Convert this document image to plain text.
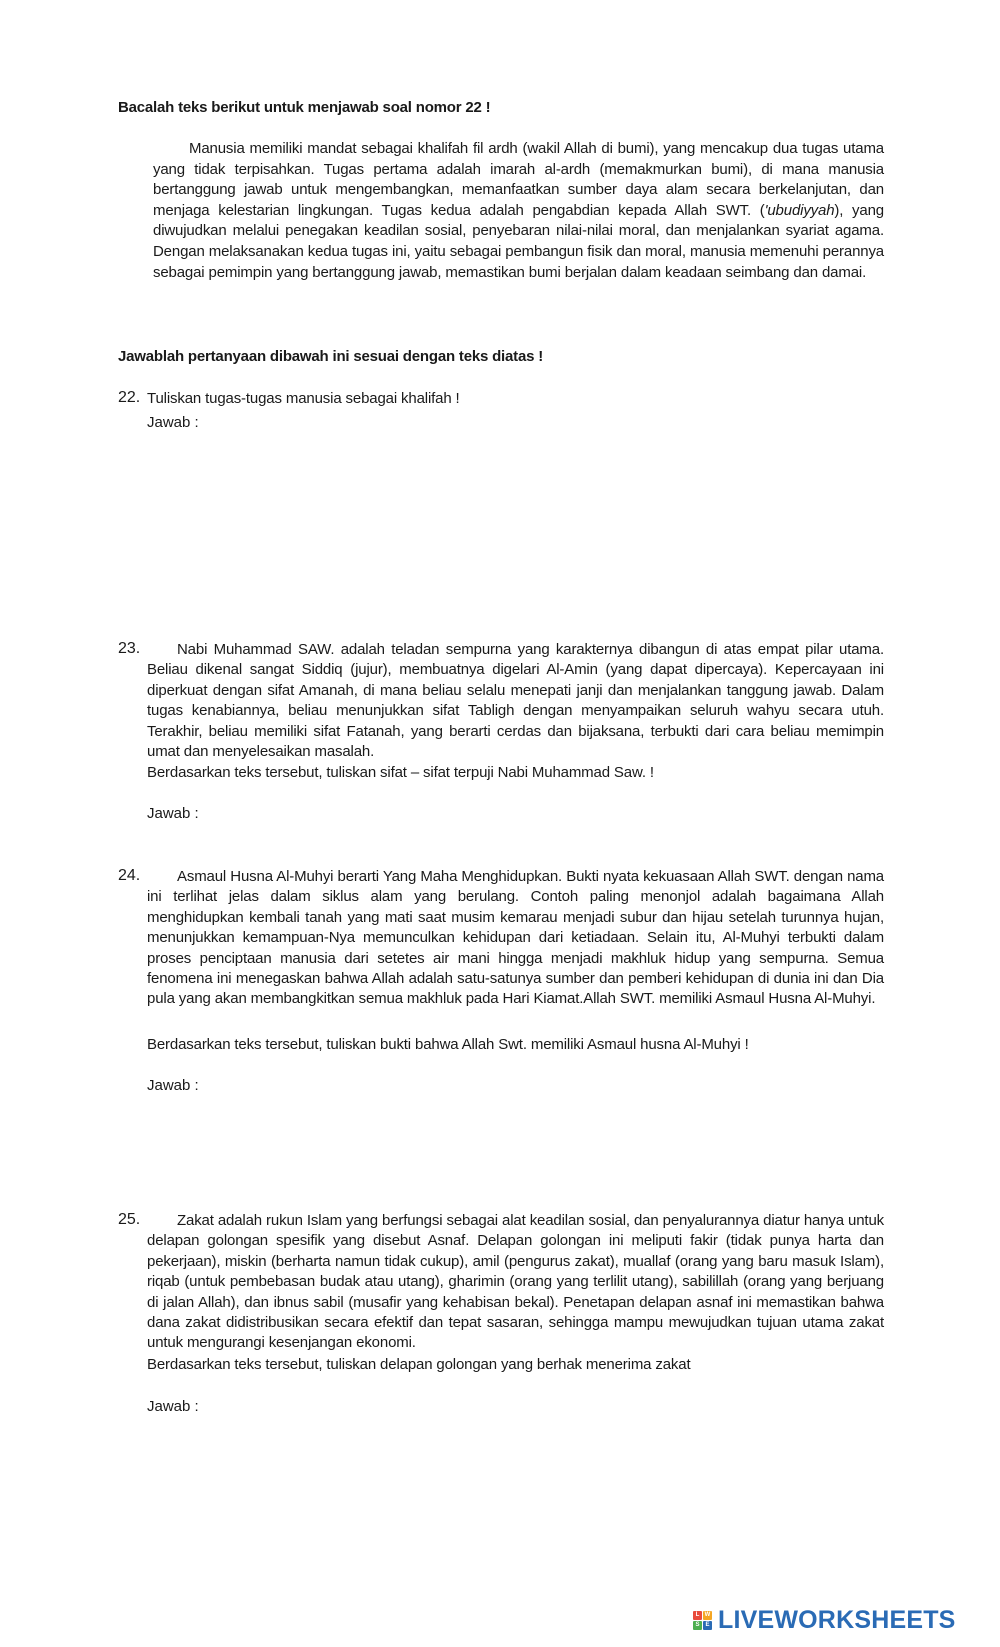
Bacalah teks berikut untuk menjawab soal nomor 22 !
Manusia memiliki mandat sebagai khalifah fil ardh (wakil Allah di bumi), yang mencakup dua tugas utama yang tidak terpisahkan. Tugas pertama adalah imarah al-ardh (memakmurkan bumi), di mana manusia bertanggung jawab untuk mengembangkan, memanfaatkan sumber daya alam secara berkelanjutan, dan menjaga kelestarian lingkungan. Tugas kedua adalah pengabdian kepada Allah SWT. ('ubudiyyah), yang diwujudkan melalui penegakan keadilan sosial, penyebaran nilai-nilai moral, dan menjalankan syariat agama. Dengan melaksanakan kedua tugas ini, yaitu sebagai pembangun fisik dan moral, manusia memenuhi perannya sebagai pemimpin yang bertanggung jawab, memastikan bumi berjalan dalam keadaan seimbang dan damai.
Jawablah pertanyaan dibawah ini sesuai dengan teks diatas !
22. Tuliskan tugas-tugas manusia sebagai khalifah !
Jawab :
23.	Nabi Muhammad SAW. adalah teladan sempurna yang karakternya dibangun di atas empat pilar utama. Beliau dikenal sangat Siddiq (jujur), membuatnya digelari Al-Amin (yang dapat dipercaya). Kepercayaan ini diperkuat dengan sifat Amanah, di mana beliau selalu menepati janji dan menjalankan tanggung jawab. Dalam tugas kenabiannya, beliau menunjukkan sifat Tabligh dengan menyampaikan seluruh wahyu secara utuh. Terakhir, beliau memiliki sifat Fatanah, yang berarti cerdas dan bijaksana, terbukti dari cara beliau memimpin umat dan menyelesaikan masalah.
Berdasarkan teks tersebut, tuliskan sifat – sifat terpuji Nabi Muhammad Saw. !
Jawab :
24.	Asmaul Husna Al-Muhyi berarti Yang Maha Menghidupkan. Bukti nyata kekuasaan Allah SWT. dengan nama ini terlihat jelas dalam siklus alam yang berulang. Contoh paling menonjol adalah bagaimana Allah menghidupkan kembali tanah yang mati saat musim kemarau menjadi subur dan hijau setelah turunnya hujan, menunjukkan kemampuan-Nya memunculkan kehidupan dari ketiadaan. Selain itu, Al-Muhyi terbukti dalam proses penciptaan manusia dari setetes air mani hingga menjadi makhluk hidup yang sempurna. Semua fenomena ini menegaskan bahwa Allah adalah satu-satunya sumber dan pemberi kehidupan di dunia ini dan Dia pula yang akan membangkitkan semua makhluk pada Hari Kiamat.Allah SWT. memiliki Asmaul Husna Al-Muhyi.
Berdasarkan teks tersebut, tuliskan bukti bahwa Allah Swt. memiliki Asmaul husna Al-Muhyi !
Jawab :
25.	Zakat adalah rukun Islam yang berfungsi sebagai alat keadilan sosial, dan penyalurannya diatur hanya untuk delapan golongan spesifik yang disebut Asnaf. Delapan golongan ini meliputi fakir (tidak punya harta dan pekerjaan), miskin (berharta namun tidak cukup), amil (pengurus zakat), muallaf (orang yang baru masuk Islam), riqab (untuk pembebasan budak atau utang), gharimin (orang yang terlilit utang), sabilillah (orang yang berjuang di jalan Allah), dan ibnus sabil (musafir yang kehabisan bekal). Penetapan delapan asnaf ini memastikan bahwa dana zakat didistribusikan secara efektif dan tepat sasaran, sehingga mampu mewujudkan tujuan utama zakat untuk mengurangi kesenjangan ekonomi.
Berdasarkan teks tersebut, tuliskan delapan golongan yang berhak menerima zakat
Jawab :
L W
S E LIVEWORKSHEETS
